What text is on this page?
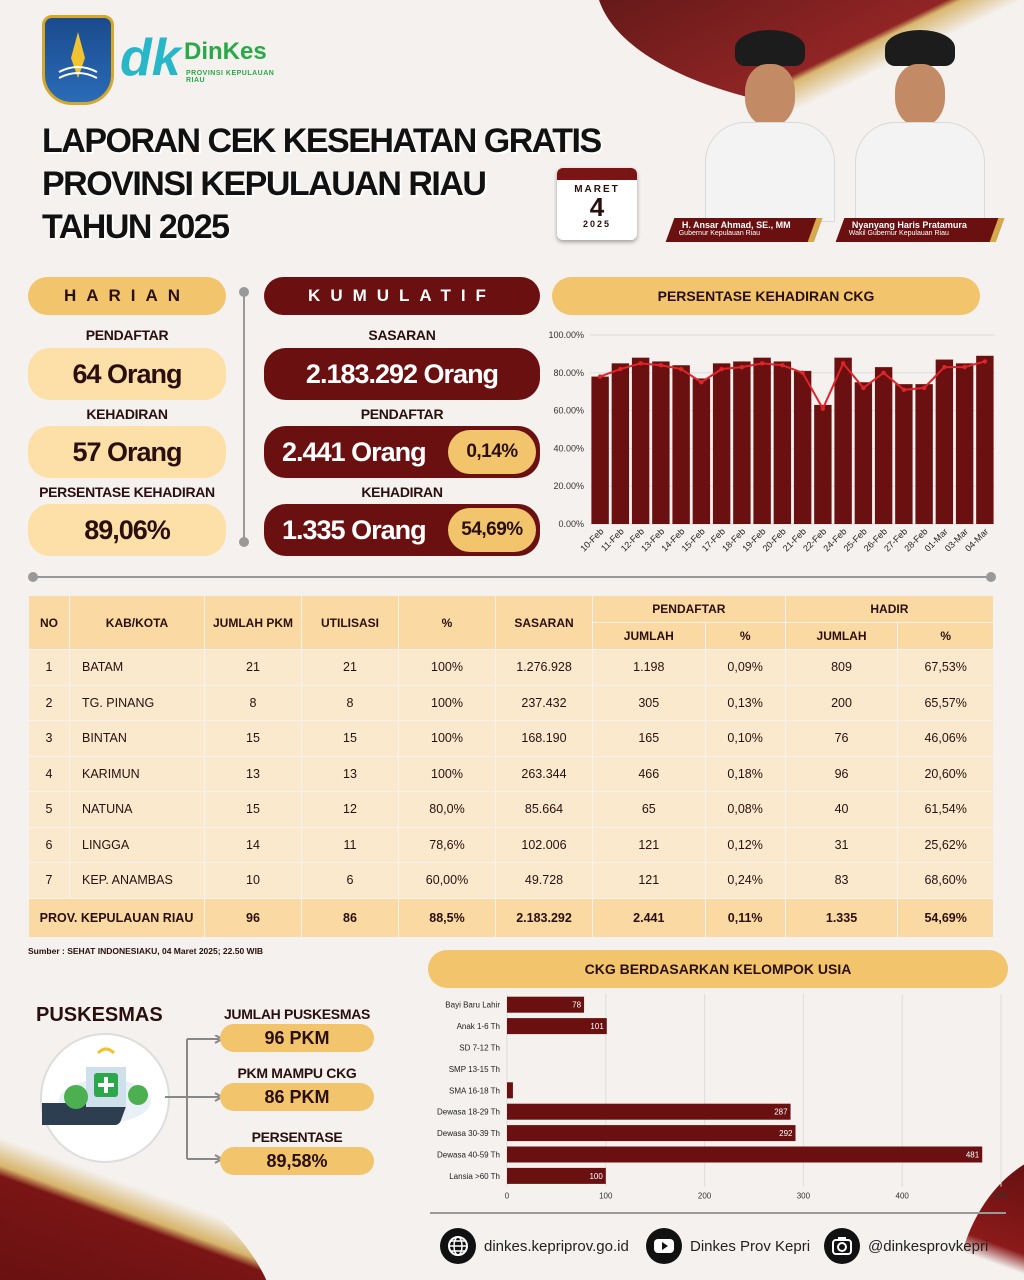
dk DinKes
PROVINSI KEPULAUAN RIAU
LAPORAN CEK KESEHATAN GRATIS
PROVINSI KEPULAUAN RIAU
TAHUN 2025
MARET
4
2025	H. Ansar Ahmad, SE., MM
Gubernur Kepulauan Riau
Nyanyang Haris Pratamura
Wakil Gubernur Kepulauan Riau
HARIAN
PENDAFTAR
64 Orang
KEHADIRAN
57 Orang
PERSENTASE KEHADIRAN
89,06%
KUMULATIF
SASARAN
2.183.292 Orang
PENDAFTAR
2.441 Orang	0,14%
KEHADIRAN
1.335 Orang	54,69%
PERSENTASE KEHADIRAN CKG
0.00%
20.00%
40.00%
60.00%
80.00%
100.00%
10-Feb
11-Feb
12-Feb
13-Feb
14-Feb
15-Feb
17-Feb
18-Feb
19-Feb
20-Feb
21-Feb
22-Feb
24-Feb
25-Feb
26-Feb
27-Feb
28-Feb
01-Mar
03-Mar
04-Mar
NO	KAB/KOTA	JUMLAH PKM	UTILISASI	%	SASARAN	PENDAFTAR		HADIR	
						JUMLAH	%	JUMLAH	%
1	BATAM	21	21	100%	1.276.928	1.198	0,09%	809	67,53%
2	TG. PINANG	8	8	100%	237.432	305	0,13%	200	65,57%
3	BINTAN	15	15	100%	168.190	165	0,10%	76	46,06%
4	KARIMUN	13	13	100%	263.344	466	0,18%	96	20,60%
5	NATUNA	15	12	80,0%	85.664	65	0,08%	40	61,54%
6	LINGGA	14	11	78,6%	102.006	121	0,12%	31	25,62%
7	KEP. ANAMBAS	10	6	60,00%	49.728	121	0,24%	83	68,60%
PROV. KEPULAUAN RIAU		96	86	88,5%	2.183.292	2.441	0,11%	1.335	54,69%
Sumber : SEHAT INDONESIAKU, 04 Maret 2025; 22.50 WIB
PUSKESMAS	JUMLAH PUSKESMAS
96 PKM
PKM MAMPU CKG
86 PKM
PERSENTASE
89,58%
CKG BERDASARKAN KELOMPOK USIA
0	100	200	300	400	500
Bayi Baru Lahir	78
Anak 1-6 Th	101
SD 7-12 Th
SMP 13-15 Th
SMA 16-18 Th
Dewasa 18-29 Th	287
Dewasa 30-39 Th	292
Dewasa 40-59 Th	481
Lansia >60 Th	100
dinkes.kepriprov.go.id	Dinkes Prov Kepri	@dinkesprovkepri
